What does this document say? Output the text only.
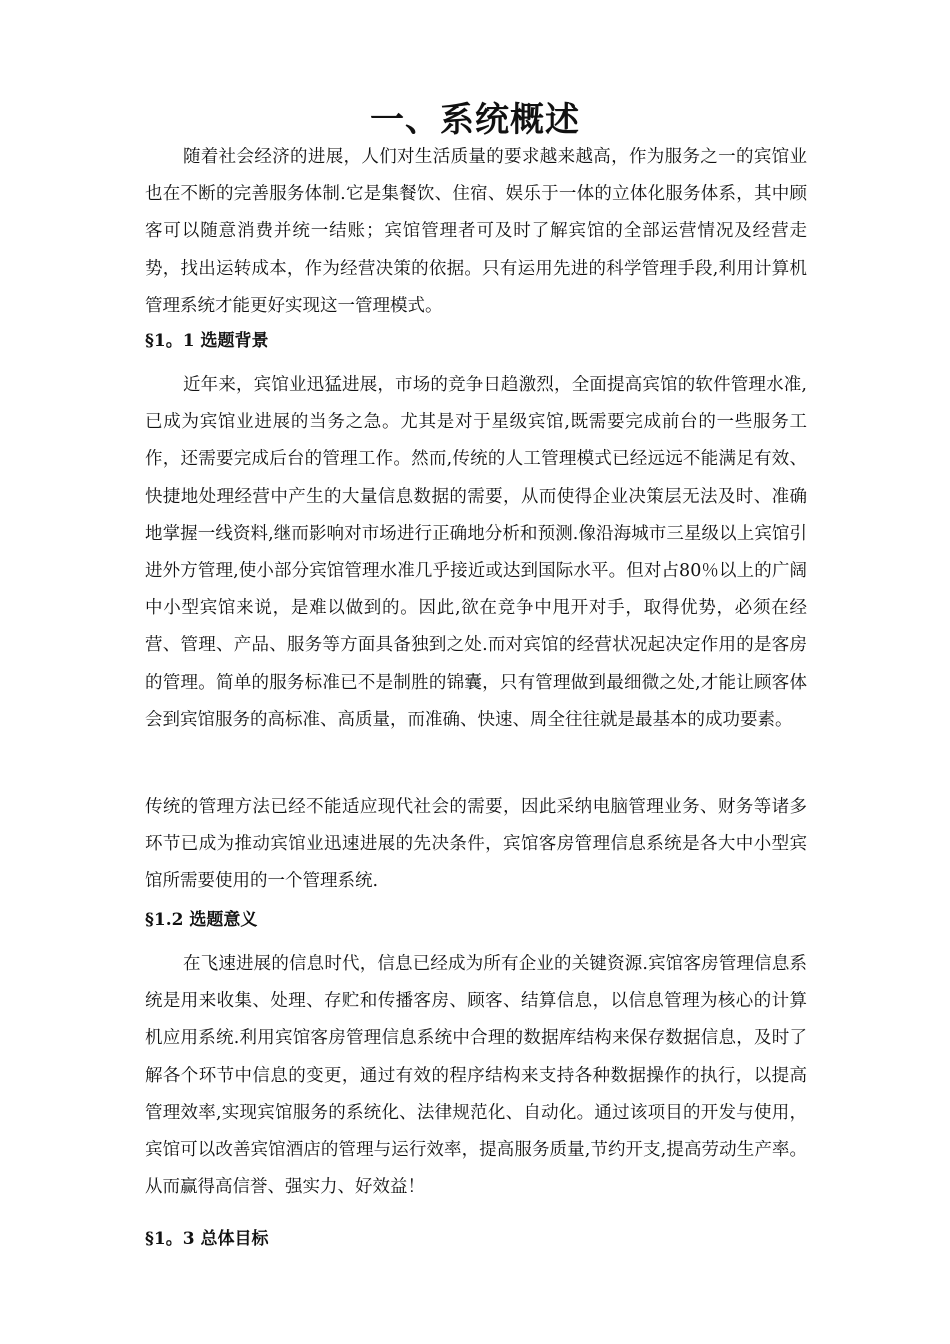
一、系统概述

随着社会经济的进展，人们对生活质量的要求越来越高，作为服务之一的宾馆业也在不断的完善服务体制.它是集餐饮、住宿、娱乐于一体的立体化服务体系，其中顾客可以随意消费并统一结账；宾馆管理者可及时了解宾馆的全部运营情况及经营走势，找出运转成本，作为经营决策的依据。只有运用先进的科学管理手段,利用计算机管理系统才能更好实现这一管理模式。

§1。1 选题背景

近年来，宾馆业迅猛进展，市场的竞争日趋激烈，全面提高宾馆的软件管理水准,已成为宾馆业进展的当务之急。尤其是对于星级宾馆,既需要完成前台的一些服务工作，还需要完成后台的管理工作。然而,传统的人工管理模式已经远远不能满足有效、快捷地处理经营中产生的大量信息数据的需要，从而使得企业决策层无法及时、准确地掌握一线资料,继而影响对市场进行正确地分析和预测.像沿海城市三星级以上宾馆引进外方管理,使小部分宾馆管理水准几乎接近或达到国际水平。但对占80％以上的广阔中小型宾馆来说，是难以做到的。因此,欲在竞争中甩开对手，取得优势，必须在经营、管理、产品、服务等方面具备独到之处.而对宾馆的经营状况起决定作用的是客房的管理。简单的服务标准已不是制胜的锦囊，只有管理做到最细微之处,才能让顾客体会到宾馆服务的高标准、高质量，而准确、快速、周全往往就是最基本的成功要素。

传统的管理方法已经不能适应现代社会的需要，因此采纳电脑管理业务、财务等诸多环节已成为推动宾馆业迅速进展的先决条件，宾馆客房管理信息系统是各大中小型宾馆所需要使用的一个管理系统.

§1.2 选题意义

在飞速进展的信息时代，信息已经成为所有企业的关键资源.宾馆客房管理信息系统是用来收集、处理、存贮和传播客房、顾客、结算信息，以信息管理为核心的计算机应用系统.利用宾馆客房管理信息系统中合理的数据库结构来保存数据信息，及时了解各个环节中信息的变更，通过有效的程序结构来支持各种数据操作的执行，以提高管理效率,实现宾馆服务的系统化、法律规范化、自动化。通过该项目的开发与使用，宾馆可以改善宾馆酒店的管理与运行效率，提高服务质量,节约开支,提高劳动生产率。从而赢得高信誉、强实力、好效益！

§1。3 总体目标
